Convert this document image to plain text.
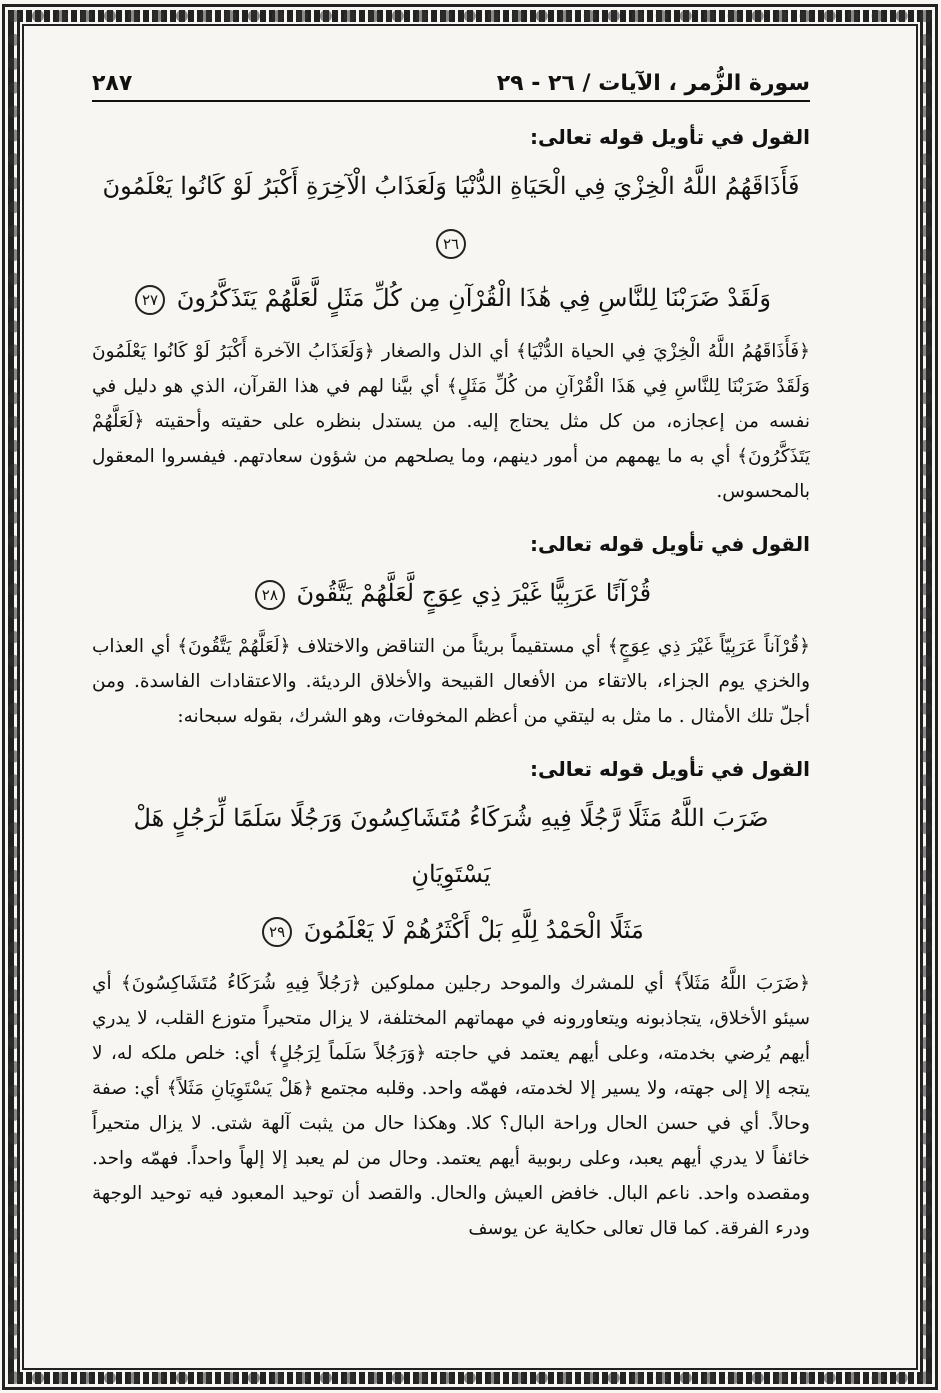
سورة الزُّمر ، الآيات / ٢٦ - ٢٩
٢٨٧
القول في تأويل قوله تعالى:

فَأَذَاقَهُمُ اللَّهُ الْخِزْيَ فِي الْحَيَاةِ الدُّنْيَا وَلَعَذَابُ الْآخِرَةِ أَكْبَرُ لَوْ كَانُوا يَعْلَمُونَ ٢٦

وَلَقَدْ ضَرَبْنَا لِلنَّاسِ فِي هَٰذَا الْقُرْآنِ مِن كُلِّ مَثَلٍ لَّعَلَّهُمْ يَتَذَكَّرُونَ ٢٧

﴿فَأَذَاقَهُمُ اللَّهُ الْخِزْيَ فِي الحياة الدُّنْيَا﴾ أي الذل والصغار ﴿وَلَعَذَابُ الآخرة أَكْبَرُ لَوْ كَانُوا يَعْلَمُونَ وَلَقَدْ ضَرَبْنَا لِلنَّاسِ فِي هَذَا الْقُرْآنِ من كُلِّ مَثَلٍ﴾ أي بيَّنا لهم في هذا القرآن، الذي هو دليل في نفسه من إعجازه، من كل مثل يحتاج إليه. من يستدل بنظره على حقيته وأحقيته ﴿لَعَلَّهُمْ يَتَذَكَّرُونَ﴾ أي به ما يهمهم من أمور دينهم، وما يصلحهم من شؤون سعادتهم. فيفسروا المعقول بالمحسوس.

القول في تأويل قوله تعالى:

قُرْآنًا عَرَبِيًّا غَيْرَ ذِي عِوَجٍ لَّعَلَّهُمْ يَتَّقُونَ ٢٨

﴿قُرْآناً عَرَبِيّاً غَيْرَ ذِي عِوَجٍ﴾ أي مستقيماً بريئاً من التناقض والاختلاف ﴿لَعَلَّهُمْ يَتَّقُونَ﴾ أي العذاب والخزي يوم الجزاء، بالاتقاء من الأفعال القبيحة والأخلاق الرديئة. والاعتقادات الفاسدة. ومن أجلّ تلك الأمثال . ما مثل به ليتقي من أعظم المخوفات، وهو الشرك، بقوله سبحانه:

القول في تأويل قوله تعالى:

ضَرَبَ اللَّهُ مَثَلًا رَّجُلًا فِيهِ شُرَكَاءُ مُتَشَاكِسُونَ وَرَجُلًا سَلَمًا لِّرَجُلٍ هَلْ يَسْتَوِيَانِ

مَثَلًا الْحَمْدُ لِلَّهِ بَلْ أَكْثَرُهُمْ لَا يَعْلَمُونَ ٢٩

﴿ضَرَبَ اللَّهُ مَثَلاً﴾ أي للمشرك والموحد رجلين مملوكين ﴿رَجُلاً فِيهِ شُرَكَاءُ مُتَشَاكِسُونَ﴾ أي سيئو الأخلاق، يتجاذبونه ويتعاورونه في مهماتهم المختلفة، لا يزال متحيراً متوزع القلب، لا يدري أيهم يُرضي بخدمته، وعلى أيهم يعتمد في حاجته ﴿وَرَجُلاً سَلَماً لِرَجُلٍ﴾ أي: خلص ملكه له، لا يتجه إلا إلى جهته، ولا يسير إلا لخدمته، فهمّه واحد. وقلبه مجتمع ﴿هَلْ يَسْتَوِيَانِ مَثَلاً﴾ أي: صفة وحالاً. أي في حسن الحال وراحة البال؟ كلا. وهكذا حال من يثبت آلهة شتى. لا يزال متحيراً خائفاً لا يدري أيهم يعبد، وعلى ربوبية أيهم يعتمد. وحال من لم يعبد إلا إلهاً واحداً. فهمّه واحد. ومقصده واحد. ناعم البال. خافض العيش والحال. والقصد أن توحيد المعبود فيه توحيد الوجهة ودرء الفرقة. كما قال تعالى حكاية عن يوسف
